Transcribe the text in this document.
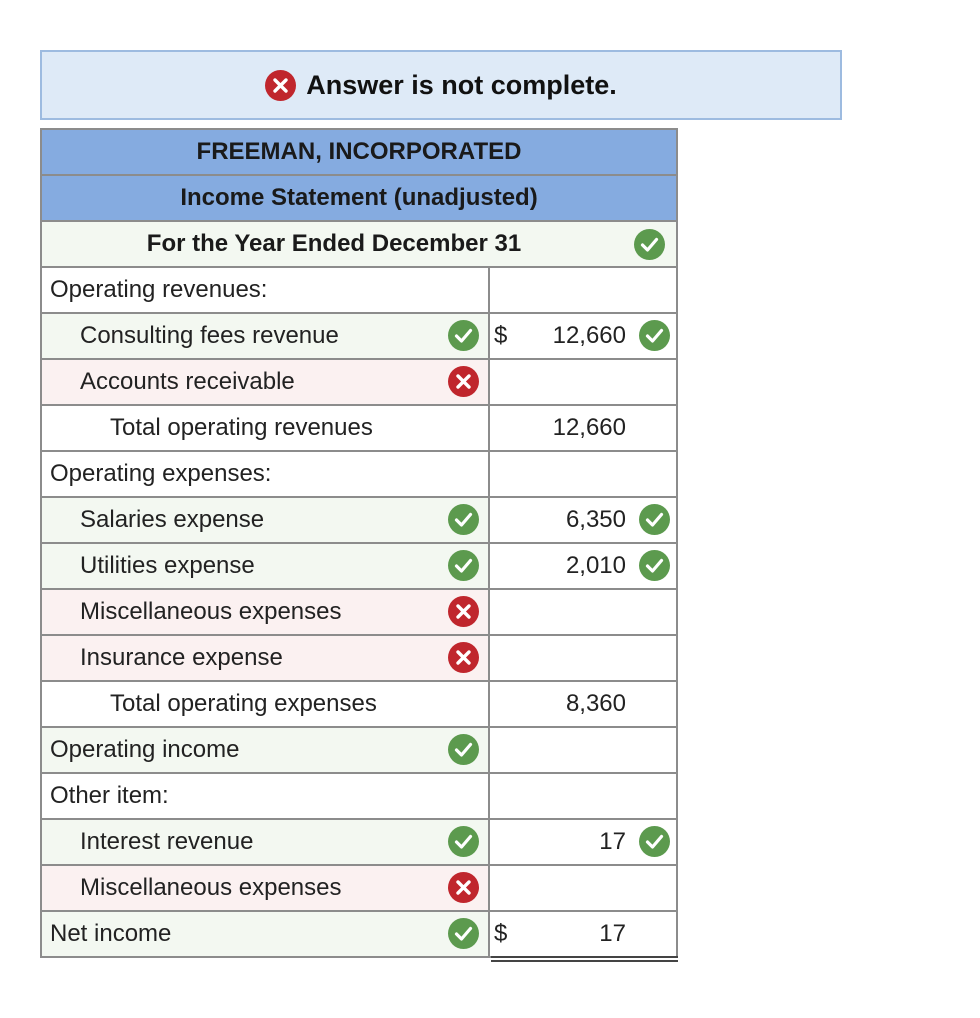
Answer is not complete.
FREEMAN, INCORPORATED
Income Statement (unadjusted)
For the Year Ended December 31
Operating revenues:
Consulting fees revenue	$ 12,660
Accounts receivable
Total operating revenues	12,660
Operating expenses:
Salaries expense	6,350
Utilities expense	2,010
Miscellaneous expenses
Insurance expense
Total operating expenses	8,360
Operating income
Other item:
Interest revenue	17
Miscellaneous expenses
Net income	$	17
